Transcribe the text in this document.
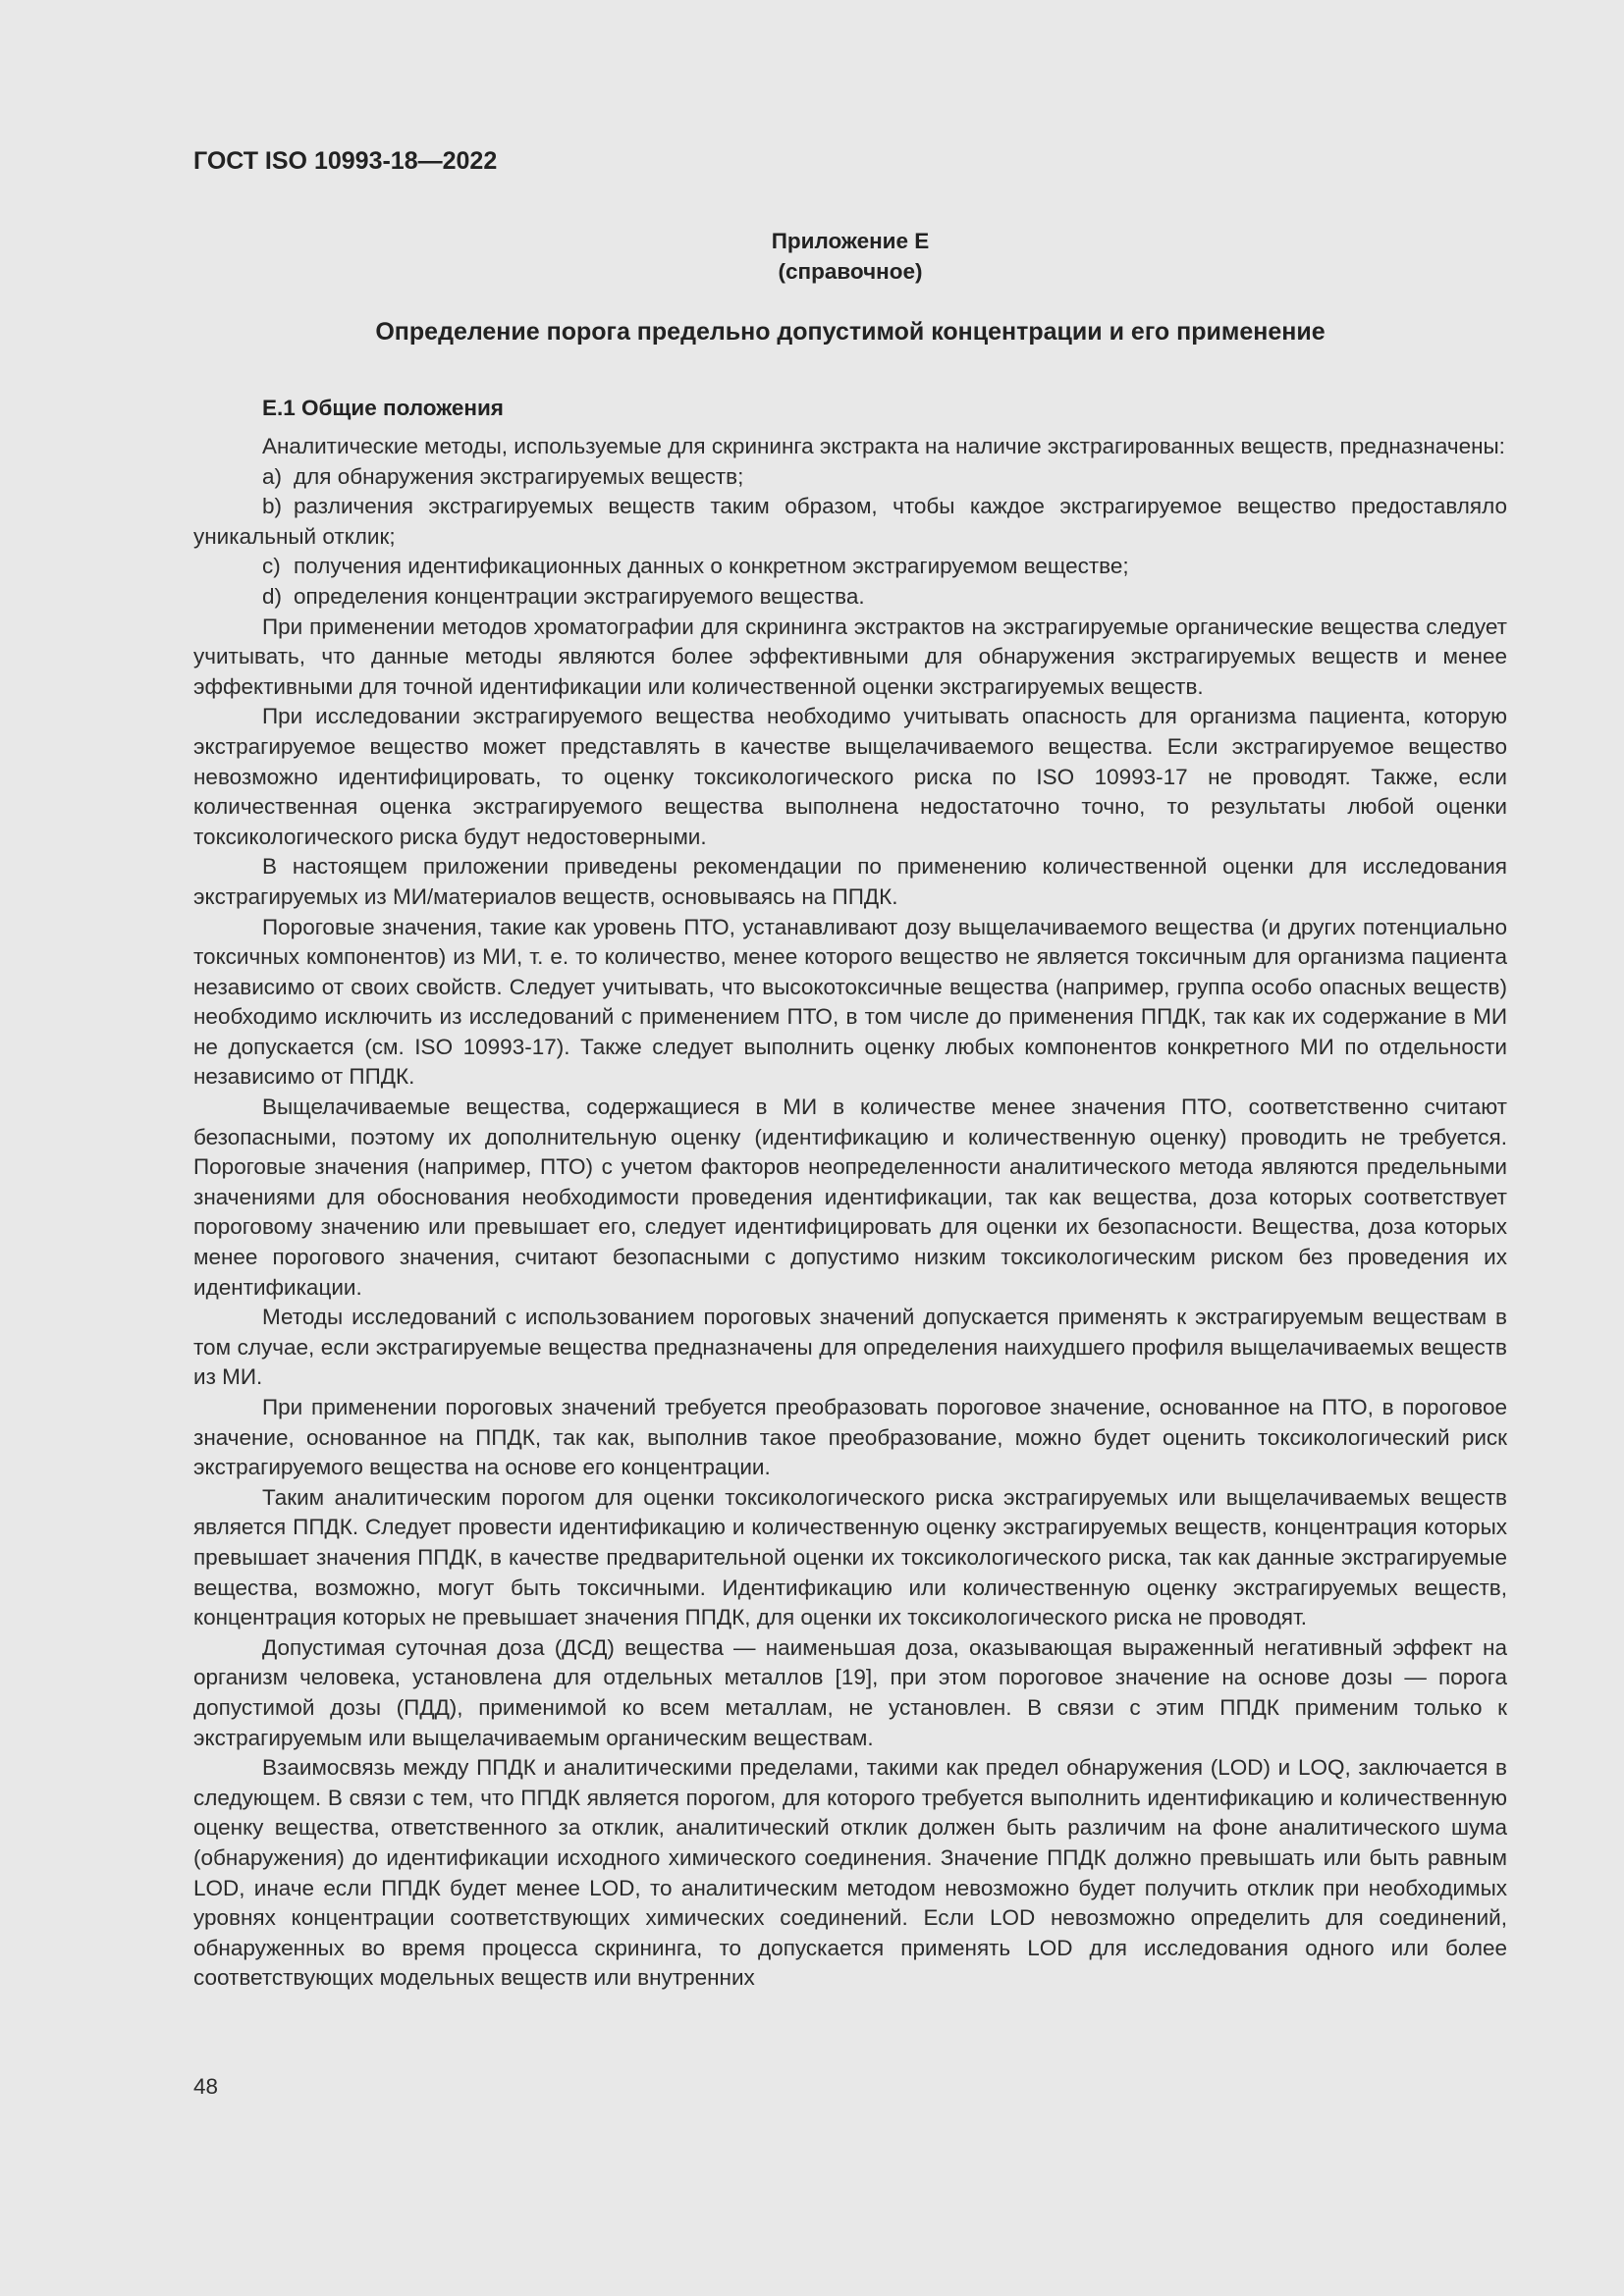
ГОСТ ISO 10993-18—2022
Приложение Е
(справочное)
Определение порога предельно допустимой концентрации и его применение
Е.1 Общие положения

Аналитические методы, используемые для скрининга экстракта на наличие экстрагированных веществ, предназначены:

a) для обнаружения экстрагируемых веществ;

b) различения экстрагируемых веществ таким образом, чтобы каждое экстрагируемое вещество предоставляло уникальный отклик;

c) получения идентификационных данных о конкретном экстрагируемом веществе;

d) определения концентрации экстрагируемого вещества.

При применении методов хроматографии для скрининга экстрактов на экстрагируемые органические вещества следует учитывать, что данные методы являются более эффективными для обнаружения экстрагируемых веществ и менее эффективными для точной идентификации или количественной оценки экстрагируемых веществ.

При исследовании экстрагируемого вещества необходимо учитывать опасность для организма пациента, которую экстрагируемое вещество может представлять в качестве выщелачиваемого вещества. Если экстрагируемое вещество невозможно идентифицировать, то оценку токсикологического риска по ISO 10993-17 не проводят. Также, если количественная оценка экстрагируемого вещества выполнена недостаточно точно, то результаты любой оценки токсикологического риска будут недостоверными.

В настоящем приложении приведены рекомендации по применению количественной оценки для исследования экстрагируемых из МИ/материалов веществ, основываясь на ППДК.

Пороговые значения, такие как уровень ПТО, устанавливают дозу выщелачиваемого вещества (и других потенциально токсичных компонентов) из МИ, т. е. то количество, менее которого вещество не является токсичным для организма пациента независимо от своих свойств. Следует учитывать, что высокотоксичные вещества (например, группа особо опасных веществ) необходимо исключить из исследований с применением ПТО, в том числе до применения ППДК, так как их содержание в МИ не допускается (см. ISO 10993-17). Также следует выполнить оценку любых компонентов конкретного МИ по отдельности независимо от ППДК.

Выщелачиваемые вещества, содержащиеся в МИ в количестве менее значения ПТО, соответственно считают безопасными, поэтому их дополнительную оценку (идентификацию и количественную оценку) проводить не требуется. Пороговые значения (например, ПТО) с учетом факторов неопределенности аналитического метода являются предельными значениями для обоснования необходимости проведения идентификации, так как вещества, доза которых соответствует пороговому значению или превышает его, следует идентифицировать для оценки их безопасности. Вещества, доза которых менее порогового значения, считают безопасными с допустимо низким токсикологическим риском без проведения их идентификации.

Методы исследований с использованием пороговых значений допускается применять к экстрагируемым веществам в том случае, если экстрагируемые вещества предназначены для определения наихудшего профиля выщелачиваемых веществ из МИ.

При применении пороговых значений требуется преобразовать пороговое значение, основанное на ПТО, в пороговое значение, основанное на ППДК, так как, выполнив такое преобразование, можно будет оценить токсикологический риск экстрагируемого вещества на основе его концентрации.

Таким аналитическим порогом для оценки токсикологического риска экстрагируемых или выщелачиваемых веществ является ППДК. Следует провести идентификацию и количественную оценку экстрагируемых веществ, концентрация которых превышает значения ППДК, в качестве предварительной оценки их токсикологического риска, так как данные экстрагируемые вещества, возможно, могут быть токсичными. Идентификацию или количественную оценку экстрагируемых веществ, концентрация которых не превышает значения ППДК, для оценки их токсикологического риска не проводят.

Допустимая суточная доза (ДСД) вещества — наименьшая доза, оказывающая выраженный негативный эффект на организм человека, установлена для отдельных металлов [19], при этом пороговое значение на основе дозы — порога допустимой дозы (ПДД), применимой ко всем металлам, не установлен. В связи с этим ППДК применим только к экстрагируемым или выщелачиваемым органическим веществам.

Взаимосвязь между ППДК и аналитическими пределами, такими как предел обнаружения (LOD) и LOQ, заключается в следующем. В связи с тем, что ППДК является порогом, для которого требуется выполнить идентификацию и количественную оценку вещества, ответственного за отклик, аналитический отклик должен быть различим на фоне аналитического шума (обнаружения) до идентификации исходного химического соединения. Значение ППДК должно превышать или быть равным LOD, иначе если ППДК будет менее LOD, то аналитическим методом невозможно будет получить отклик при необходимых уровнях концентрации соответствующих химических соединений. Если LOD невозможно определить для соединений, обнаруженных во время процесса скрининга, то допускается применять LOD для исследования одного или более соответствующих модельных веществ или внутренних

48
